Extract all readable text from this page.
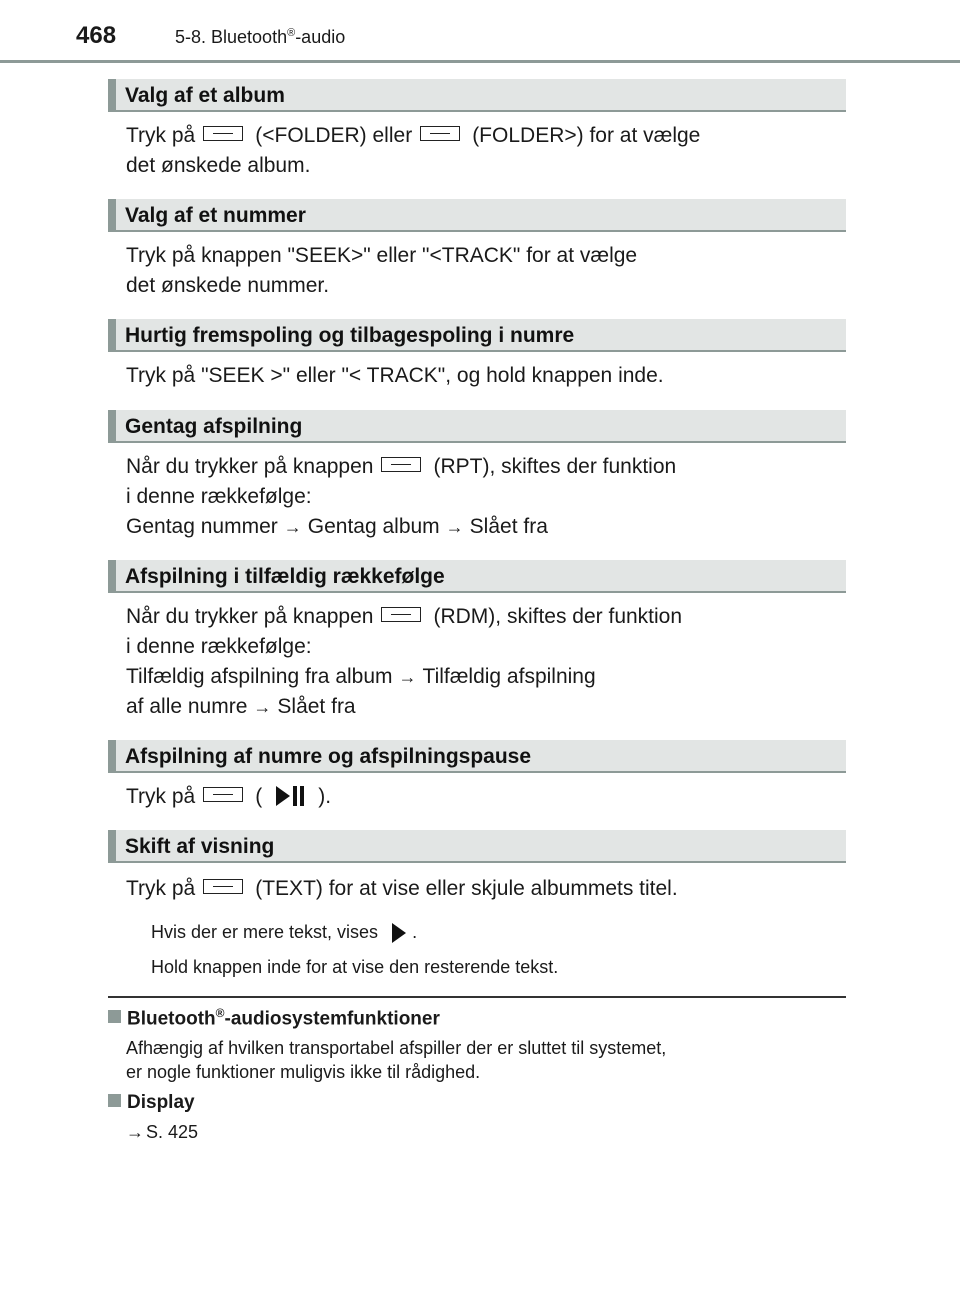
468	5-8. Bluetooth®-audio
Valg af et album
Tryk på	(<FOLDER) eller	(FOLDER>) for at vælge
det ønskede album.
Valg af et nummer
Tryk på knappen "SEEK>" eller "<TRACK" for at vælge
det ønskede nummer.
Hurtig fremspoling og tilbagespoling i numre
Tryk på "SEEK >" eller "< TRACK", og hold knappen inde.
Gentag afspilning
Når du trykker på knappen	(RPT), skiftes der funktion
i denne rækkefølge:
Gentag nummer → Gentag album → Slået fra
Afspilning i tilfældig rækkefølge
Når du trykker på knappen	(RDM), skiftes der funktion
i denne rækkefølge:
Tilfældig afspilning fra album → Tilfældig afspilning
af alle numre → Slået fra
Afspilning af numre og afspilningspause
Tryk på	(	).
Skift af visning
Tryk på	(TEXT) for at vise eller skjule albummets titel.
Hvis der er mere tekst, vises .
Hold knappen inde for at vise den resterende tekst.
Bluetooth®-audiosystemfunktioner
Afhængig af hvilken transportabel afspiller der er sluttet til systemet,
er nogle funktioner muligvis ikke til rådighed.
Display
→ S. 425
